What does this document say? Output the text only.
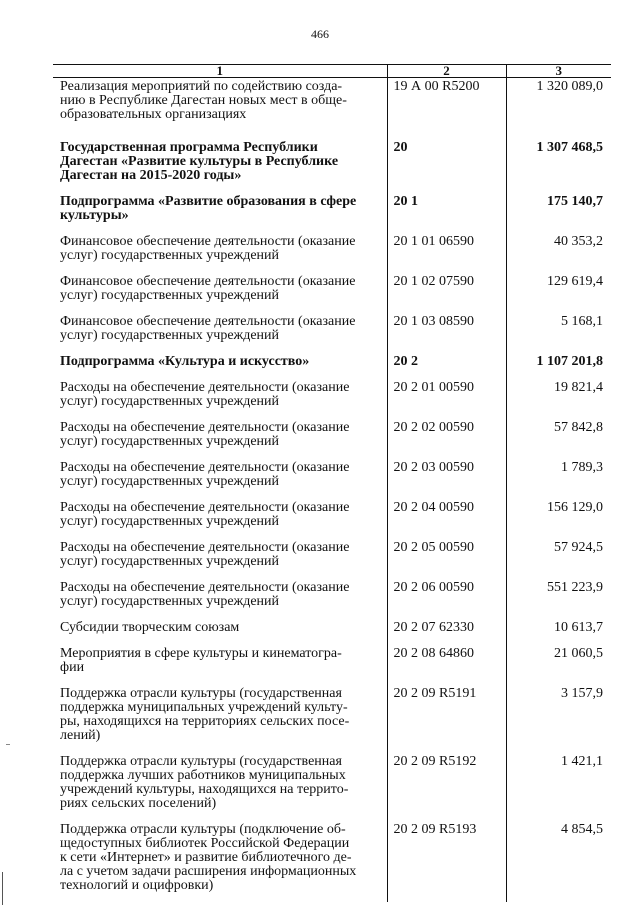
466
1	2	3
Реализация мероприятий по содействию созда-
нию в Республике Дагестан новых мест в обще-
образовательных организациях	19 А 00 R5200	1 320 089,0
Государственная программа Республики
Дагестан «Развитие культуры в Республике
Дагестан на 2015-2020 годы»	20	1 307 468,5
Подпрограмма «Развитие образования в сфере
культуры»	20 1	175 140,7
Финансовое обеспечение деятельности (оказание
услуг) государственных учреждений	20 1 01 06590	40 353,2
Финансовое обеспечение деятельности (оказание
услуг) государственных учреждений	20 1 02 07590	129 619,4
Финансовое обеспечение деятельности (оказание
услуг) государственных учреждений	20 1 03 08590	5 168,1
Подпрограмма «Культура и искусство»	20 2	1 107 201,8
Расходы на обеспечение деятельности (оказание
услуг) государственных учреждений	20 2 01 00590	19 821,4
Расходы на обеспечение деятельности (оказание
услуг) государственных учреждений	20 2 02 00590	57 842,8
Расходы на обеспечение деятельности (оказание
услуг) государственных учреждений	20 2 03 00590	1 789,3
Расходы на обеспечение деятельности (оказание
услуг) государственных учреждений	20 2 04 00590	156 129,0
Расходы на обеспечение деятельности (оказание
услуг) государственных учреждений	20 2 05 00590	57 924,5
Расходы на обеспечение деятельности (оказание
услуг) государственных учреждений	20 2 06 00590	551 223,9
Субсидии творческим союзам	20 2 07 62330	10 613,7
Мероприятия в сфере культуры и кинематогра-
фии	20 2 08 64860	21 060,5
Поддержка отрасли культуры (государственная
поддержка муниципальных учреждений культу-
ры, находящихся на территориях сельских посе-
лений)	20 2 09 R5191	3 157,9
Поддержка отрасли культуры (государственная
поддержка лучших работников муниципальных
учреждений культуры, находящихся на террито-
риях сельских поселений)	20 2 09 R5192	1 421,1
Поддержка отрасли культуры (подключение об-
щедоступных библиотек Российской Федерации
к сети «Интернет» и развитие библиотечного де-
ла с учетом задачи расширения информационных
технологий и оцифровки)	20 2 09 R5193	4 854,5
